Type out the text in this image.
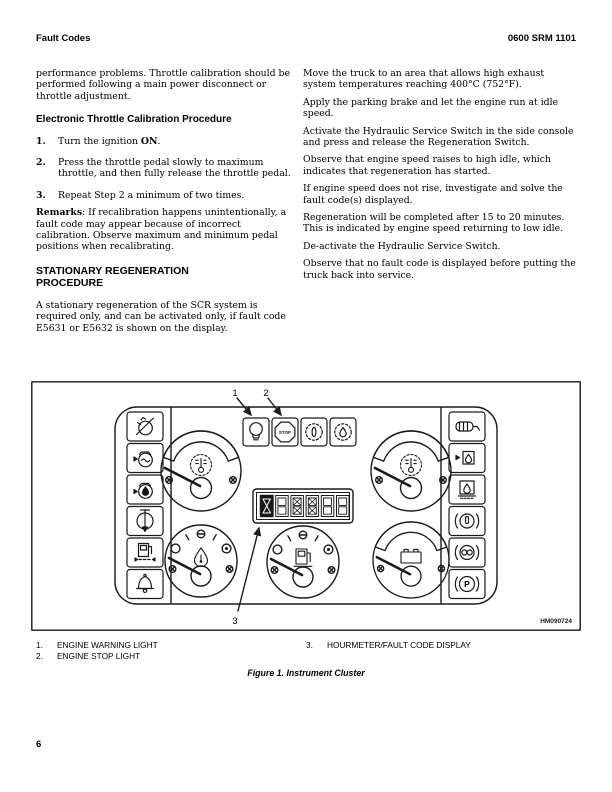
Fault Codes	0600 SRM 1101

performance problems. Throttle calibration should be performed following a main power disconnect or throttle adjustment.

Electronic Throttle Calibration Procedure
1.	Turn the ignition ON.
2.	Press the throttle pedal slowly to maximum throttle, and then fully release the throttle pedal.
3.	Repeat Step 2 a minimum of two times.

Remarks: If recalibration happens unintentionally, a fault code may appear because of incorrect calibration. Observe maximum and minimum pedal positions when recalibrating.

STATIONARY REGENERATION PROCEDURE

A stationary regeneration of the SCR system is required only, and can be activated only, if fault code E5631 or E5632 is shown on the display.

Move the truck to an area that allows high exhaust system temperatures reaching 400°C (752°F).

Apply the parking brake and let the engine run at idle speed.

Activate the Hydraulic Service Switch in the side console and press and release the Regeneration Switch.

Observe that engine speed raises to high idle, which indicates that regeneration has started.

If engine speed does not rise, investigate and solve the fault code(s) displayed.

Regeneration will be completed after 15 to 20 minutes. This is indicated by engine speed returning to low idle.

De-activate the Hydraulic Service Switch.

Observe that no fault code is displayed before putting the truck back into service.

STOP
P
1	2
3	HM090724
1. ENGINE WARNING LIGHT
2. ENGINE STOP LIGHT
3. HOURMETER/FAULT CODE DISPLAY
Figure 1. Instrument Cluster
6
